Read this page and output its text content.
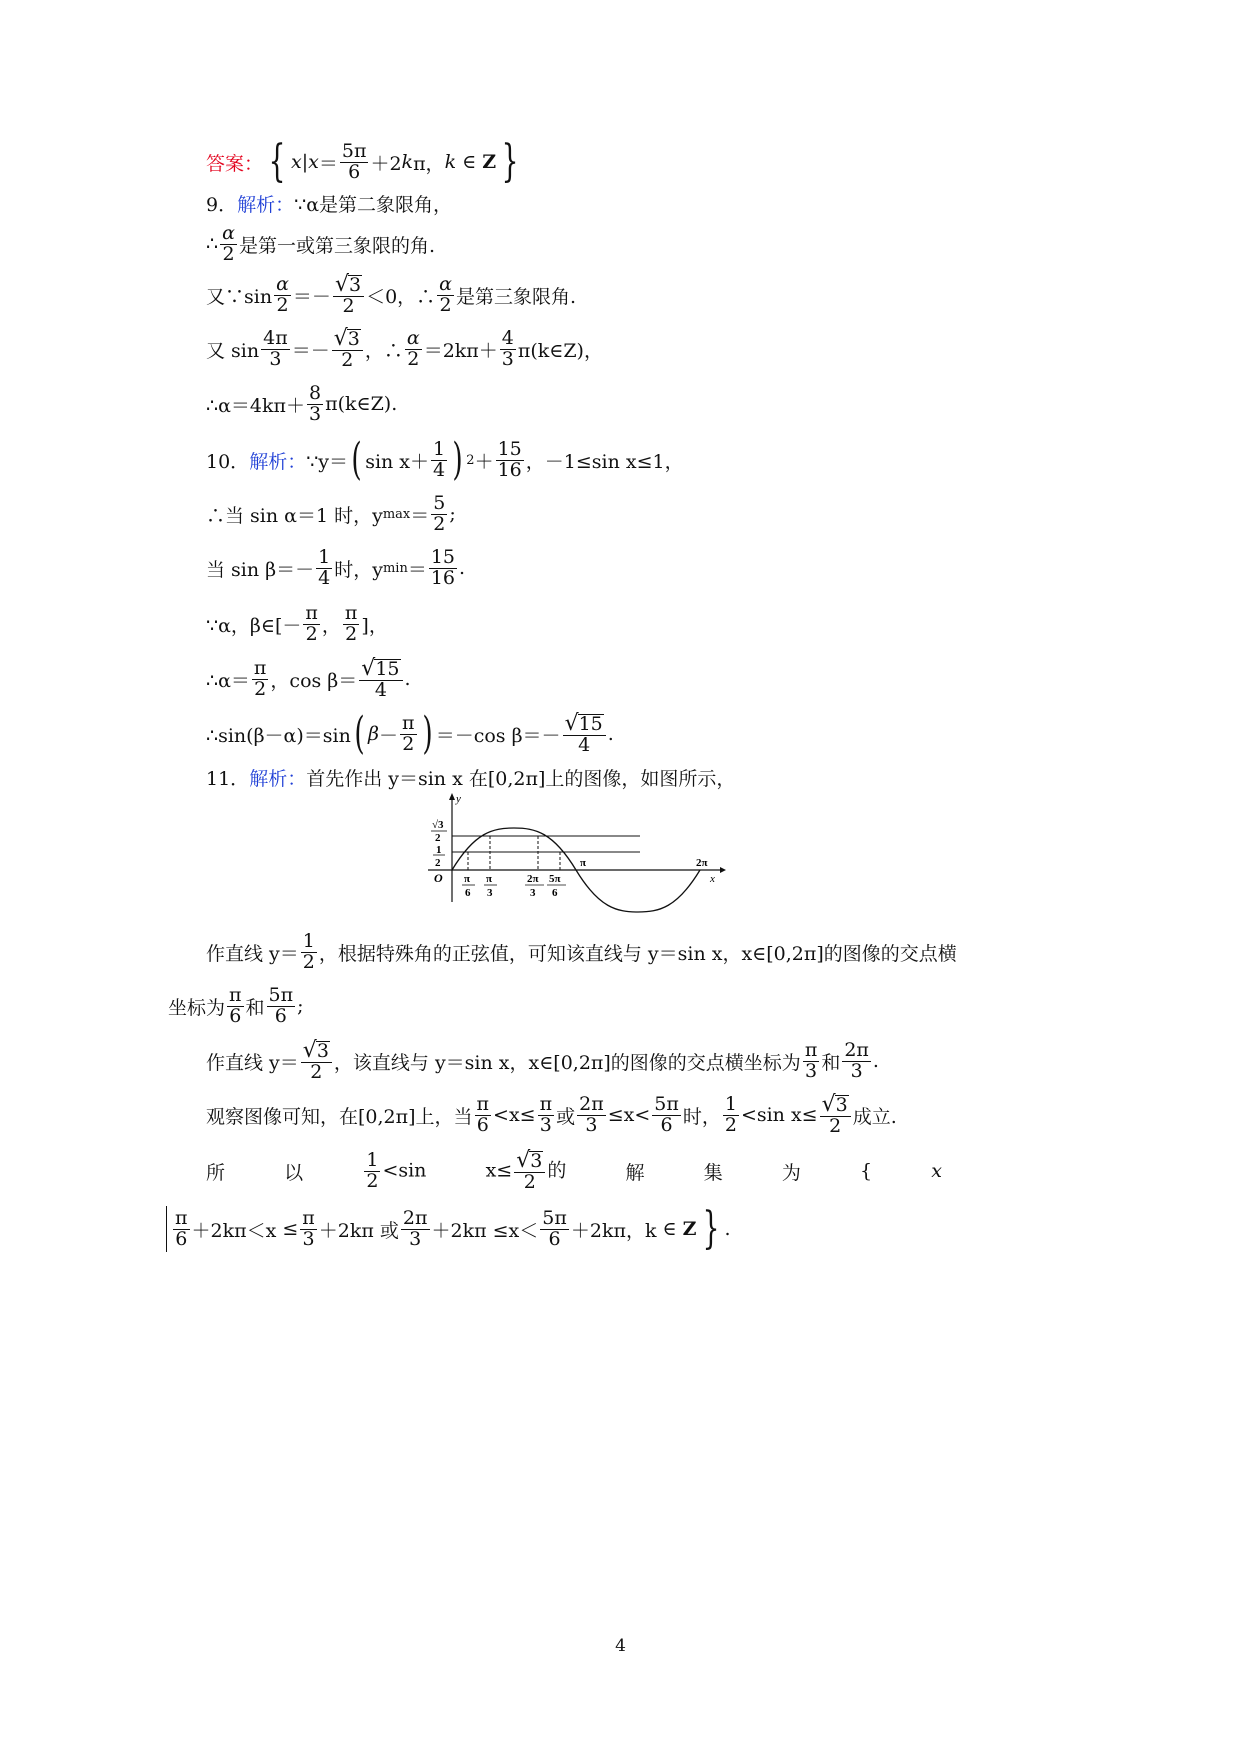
答案： { x | $x = \frac{5\pi}{6} +2$ k π， k ∈ Z }
9． 解析： ∵α是第二象限角，
∴ $\frac{\alpha}{2}$ 是第一或第三象限的角.
又∵sin $\frac{\alpha}{2} =- \frac{√ 3}{2} <0$，∴ $\frac{\alpha}{2}$ 是第三象限角.
又 $\sin \frac{4\pi}{3} =- \frac{√ 3}{2}$ ，∴ $\frac{\alpha}{2} =2k\pi+ \frac{4}{3}$ π(k∈Z)，
∴α＝4kπ＋ $\frac{8}{3}$ π(k∈Z).
10． 解析： ∵y＝ ( $\sin x+ \frac{1}{4}$ ) $2 + \frac{15}{16}$ ，－1≤sin x≤1，
∴当 sin α＝1 时，y $\max = \frac{5}{2}$ ;
当 $\sin \beta=- \frac{1}{4}$ 时，y $\min = \frac{15}{16}$ .
∵α，β∈[－ $\frac{\pi}{2}$ ， $\frac{\pi}{2}$ ]，
∴α＝ $\frac{\pi}{2}$ ，$\cos \beta= \frac{√ 15}{4}$ .
∴sin(β－α)＝sin ( $\beta - \frac{\pi}{2}$ ) ＝－cos $\beta=- \frac{√ 15}{4}$ .
11． 解析： 首先作出 y＝sin x 在[0,2π]上的图像，如图所示，
√3
2
1
2
O
y
x
π
6
π
3
2π
3
5π
6
π	2π
作直线 $y= \frac{1}{2}$ ，根据特殊角的正弦值，可知该直线与 y＝sin x，x∈[0,2π]的图像的交点横
坐标为 $\frac{\pi}{6}$ 和 $\frac{5\pi}{6}$ ;
作直线 $y= \frac{√ 3}{2}$ ，该直线与 y＝sin x，x∈[0,2π]的图像的交点横坐标为 $\frac{\pi}{3}$ 和 $\frac{2\pi}{3}$ .
观察图像可知，在[0,2π]上，当 $\frac{\pi}{6} <x\le \frac{\pi}{3}$ 或 $\frac{2\pi}{3} \le x< \frac{5\pi}{6}$ 时， $\frac{1}{2} <\sin$ $x\le \frac{√ 3}{2}$ 成立.
所	以	$\frac{1}{2} <\sin$	$x\le \frac{√ 3}{2}$ 的	解	集	为	{	x
$\frac{\pi}{6} +2k\pi<x$
≤ $\frac{\pi}{3} +2k\pi$ 或 $\frac{2\pi}{3} +2k\pi$
$\le x< \frac{5\pi}{6} +2k\pi$，k
∈
Z } .
4
